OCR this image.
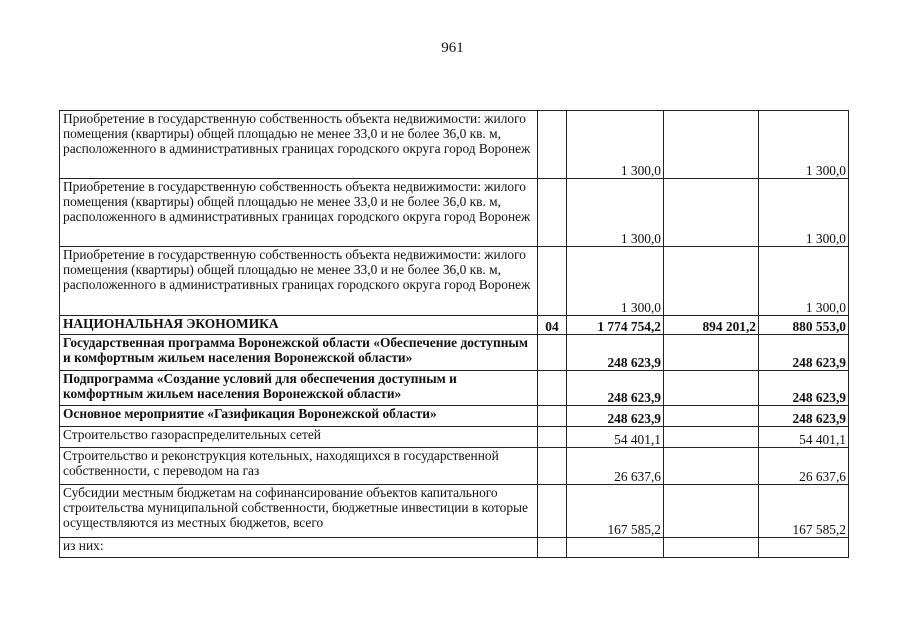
961
Приобретение в государственную собственность объекта недвижимости: жилого помещения (квартиры) общей площадью не менее 33,0 и не более 36,0 кв. м, расположенного в административных границах городского округа город Воронеж		1 300,0		1 300,0
Приобретение в государственную собственность объекта недвижимости: жилого помещения (квартиры) общей площадью не менее 33,0 и не более 36,0 кв. м, расположенного в административных границах городского округа город Воронеж		1 300,0		1 300,0
Приобретение в государственную собственность объекта недвижимости: жилого помещения (квартиры) общей площадью не менее 33,0 и не более 36,0 кв. м, расположенного в административных границах городского округа город Воронеж		1 300,0		1 300,0
НАЦИОНАЛЬНАЯ ЭКОНОМИКА	04	1 774 754,2	894 201,2	880 553,0
Государственная программа Воронежской области «Обеспечение доступным и комфортным жильем населения Воронежской области»		248 623,9		248 623,9
Подпрограмма «Создание условий для обеспечения доступным и комфортным жильем населения Воронежской области»		248 623,9		248 623,9
Основное мероприятие «Газификация Воронежской области»		248 623,9		248 623,9
Строительство газораспределительных сетей		54 401,1		54 401,1
Строительство и реконструкция котельных, находящихся в государственной собственности, с переводом на газ		26 637,6		26 637,6
Субсидии местным бюджетам на софинансирование объектов капитального строительства муниципальной собственности, бюджетные инвестиции в которые осуществляются из местных бюджетов, всего		167 585,2		167 585,2
из них:				
